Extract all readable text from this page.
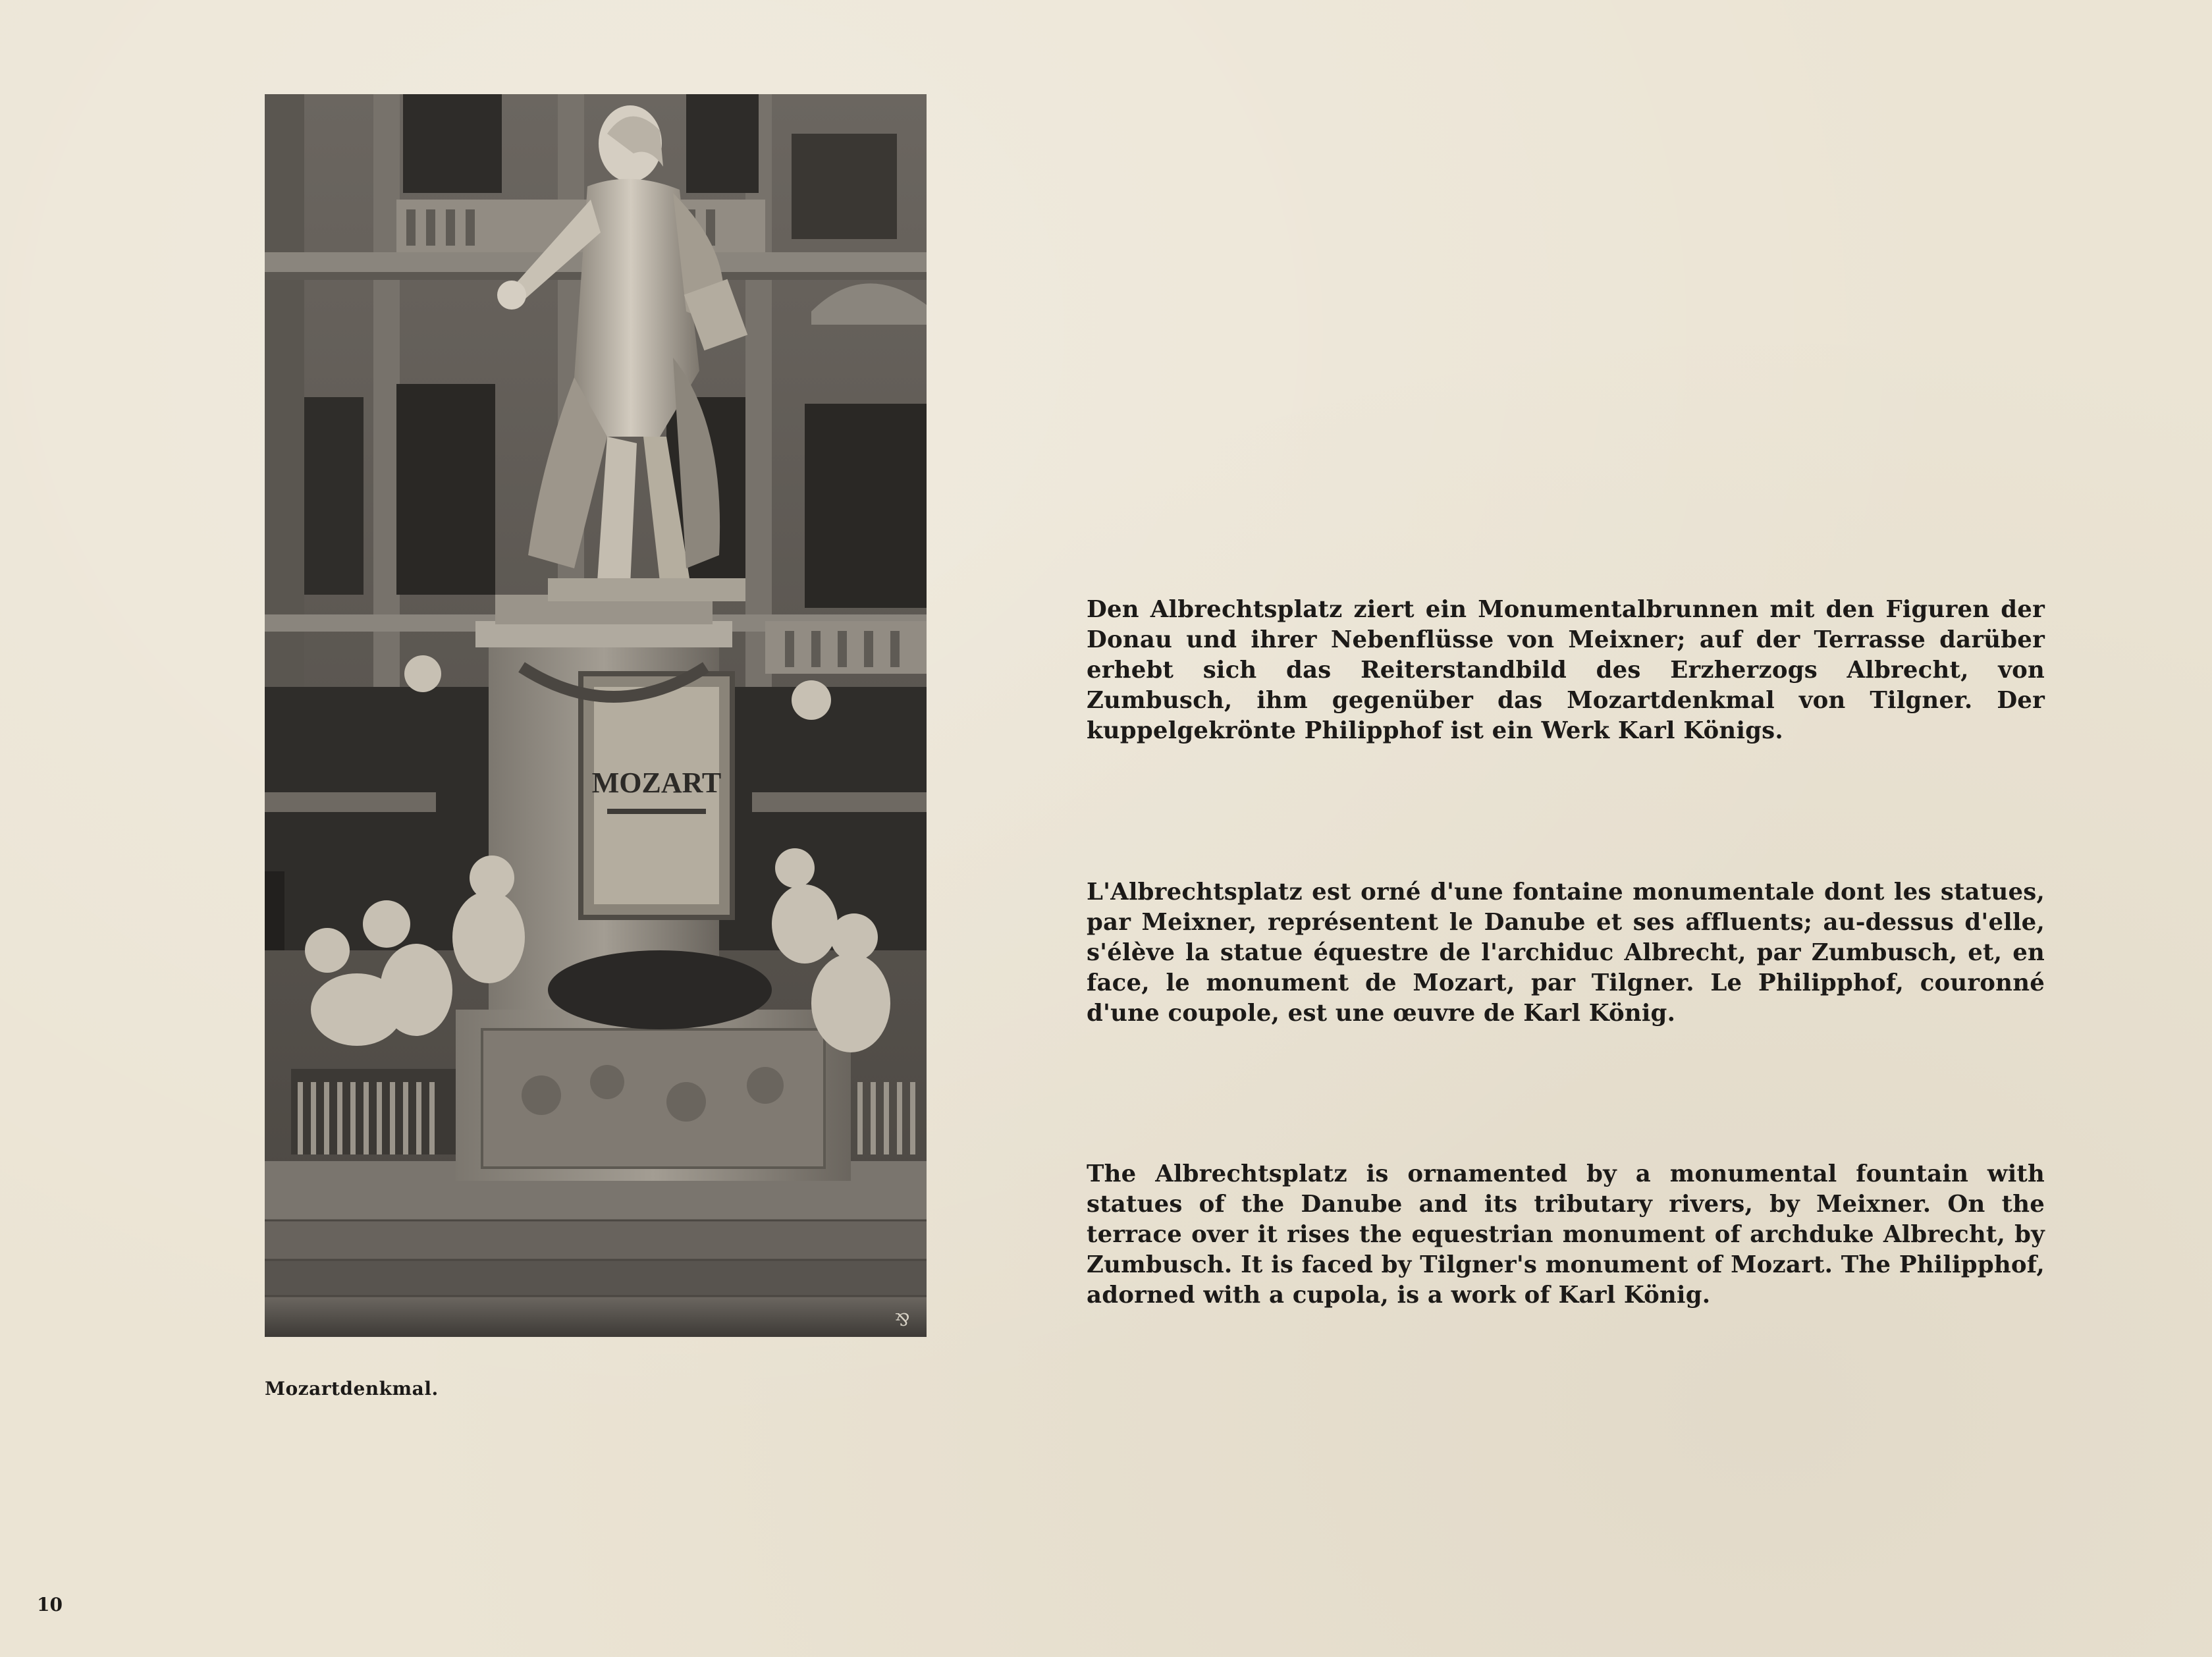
MOZART
⅋
Mozartdenkmal.

Den Albrechtsplatz ziert ein Monumentalbrunnen mit den Figuren der Donau und ihrer Nebenflüsse von Meixner; auf der Terrasse darüber erhebt sich das Reiterstandbild des Erzherzogs Albrecht, von Zumbusch, ihm gegenüber das Mozartdenkmal von Tilgner. Der kuppelgekrönte Philipphof ist ein Werk Karl Königs.

L'Albrechtsplatz est orné d'une fontaine monumentale dont les statues, par Meixner, représentent le Danube et ses affluents; au-dessus d'elle, s'élève la statue équestre de l'archiduc Albrecht, par Zumbusch, et, en face, le monument de Mozart, par Tilgner. Le Philipphof, couronné d'une coupole, est une œuvre de Karl König.

The Albrechtsplatz is ornamented by a monumental fountain with statues of the Danube and its tributary rivers, by Meixner. On the terrace over it rises the equestrian monument of archduke Albrecht, by Zumbusch. It is faced by Tilgner's monument of Mozart. The Philipphof, adorned with a cupola, is a work of Karl König.

10
